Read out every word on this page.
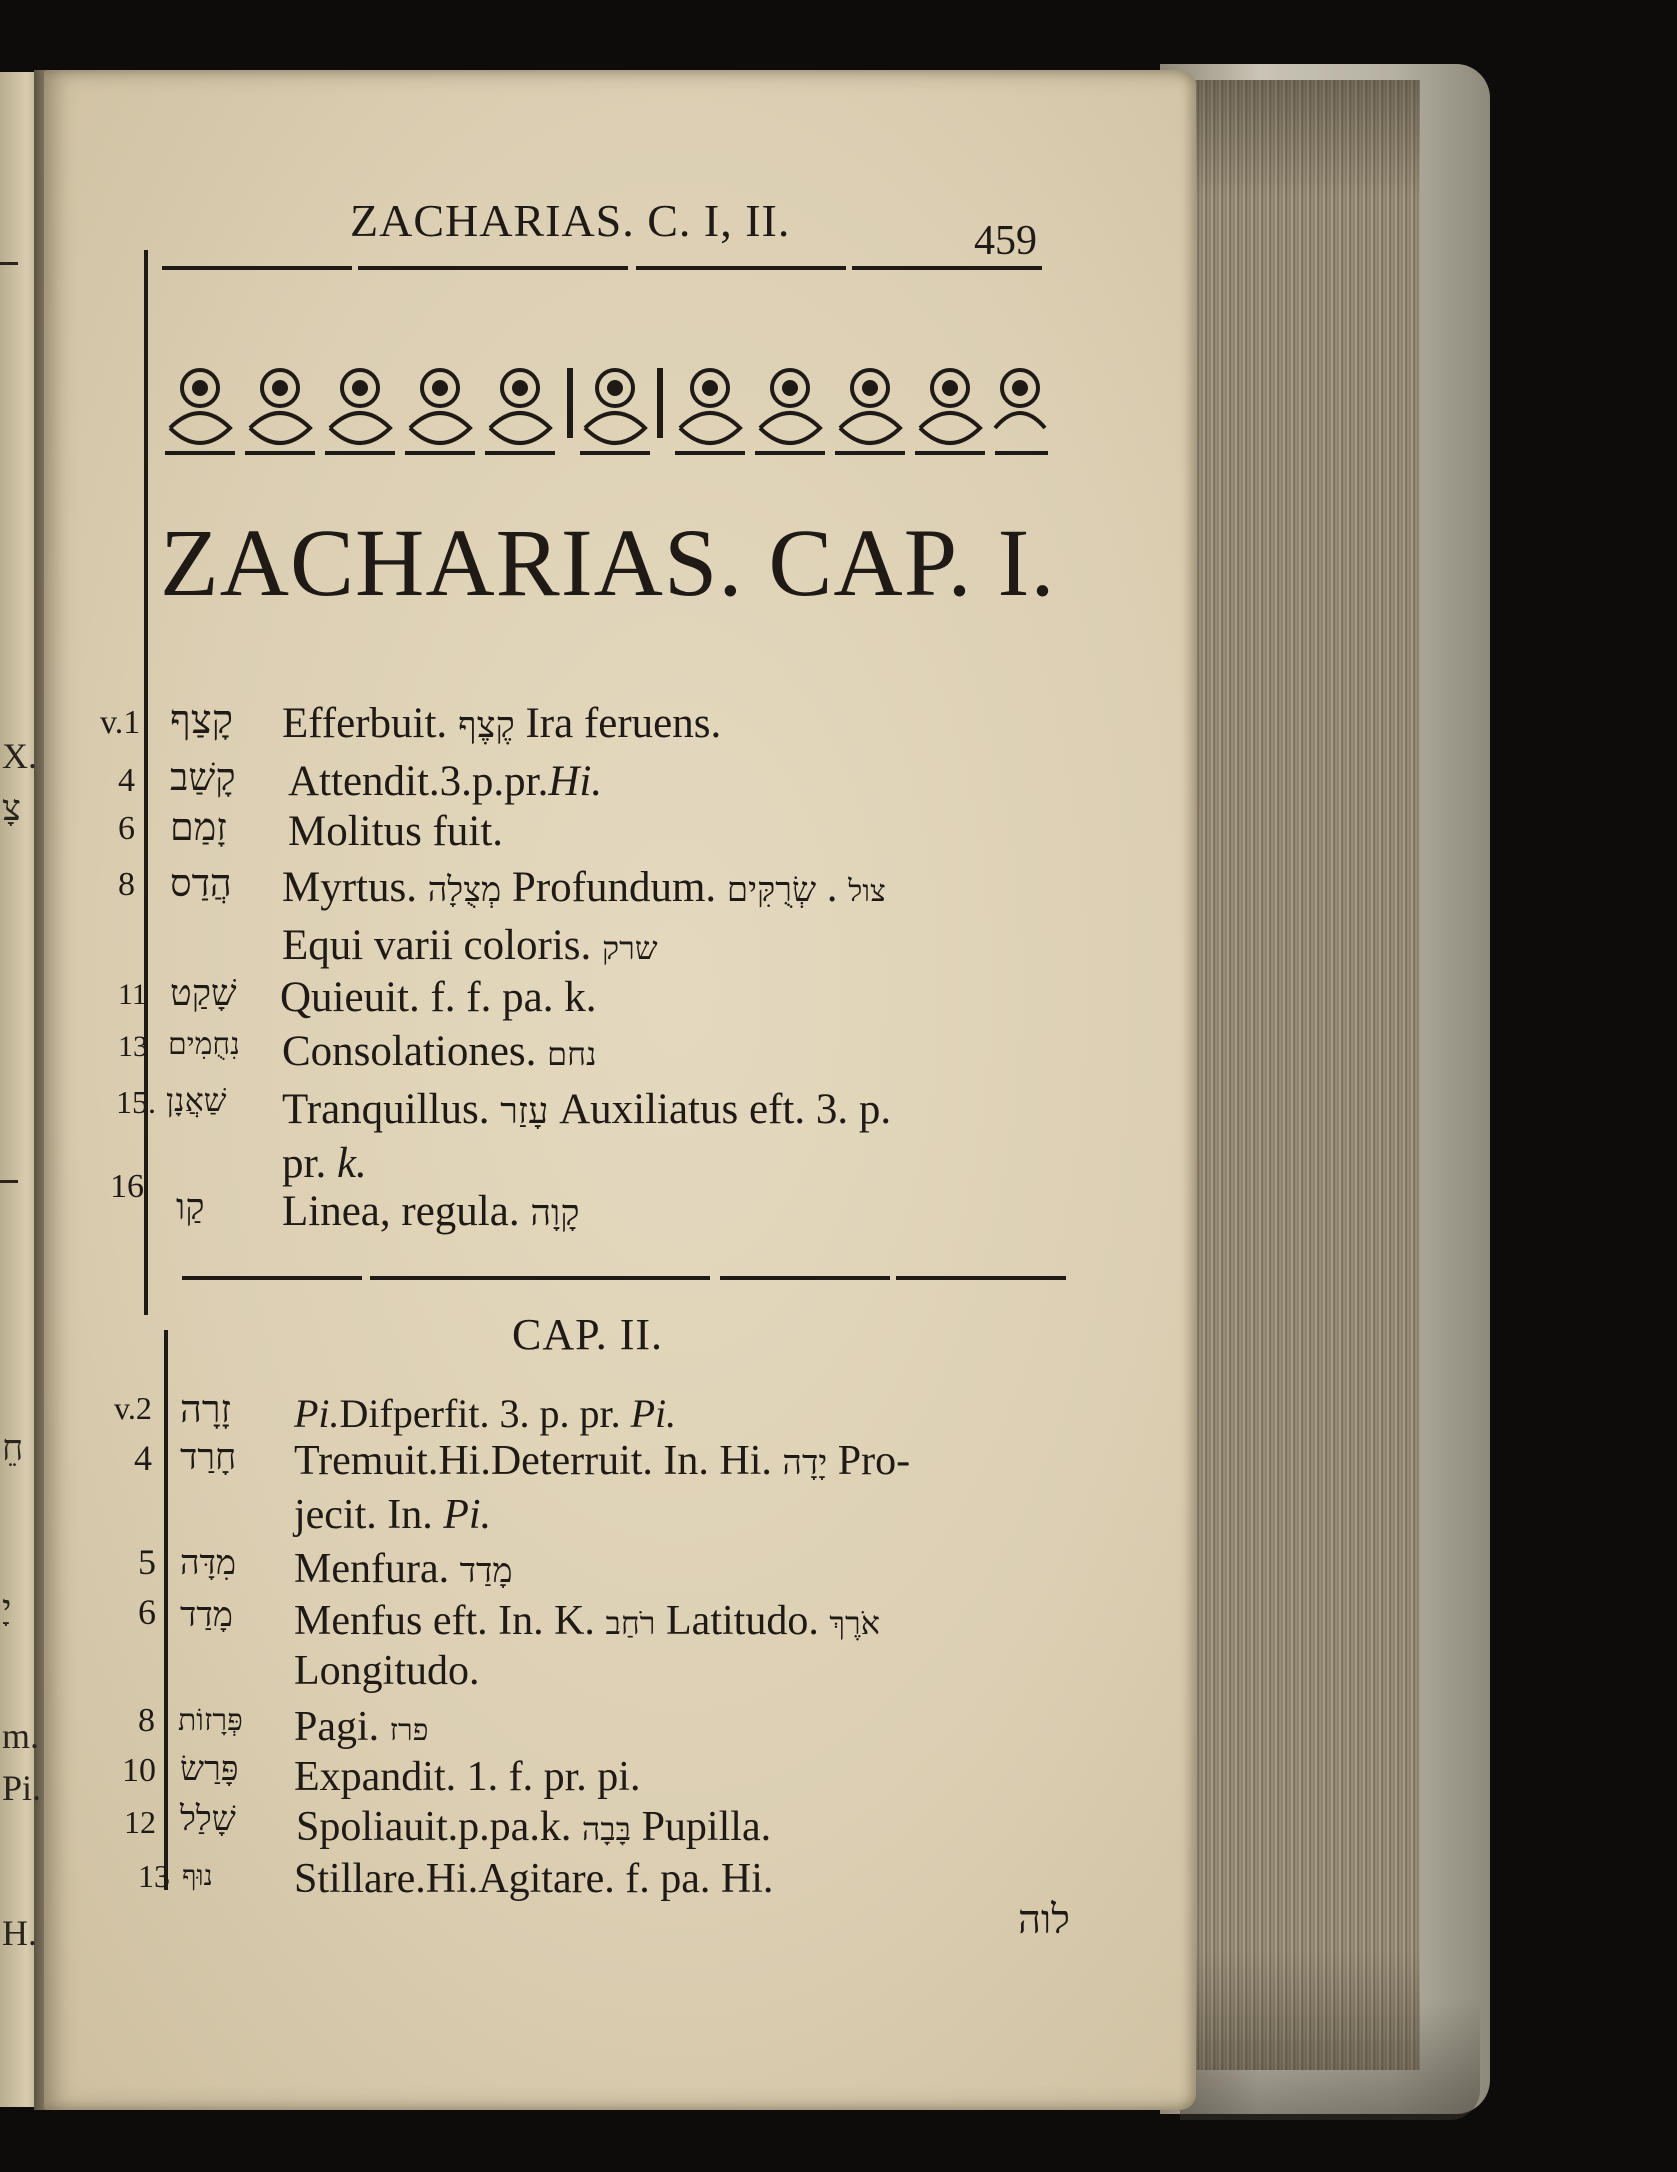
X.
צָ
חֵ
יָ
m.
Pi.
H.
ZACHARIAS. C. I, II.	459
ZACHARIAS. CAP. I.
v.1 קָצַף Efferbuit. קֶצֶף Ira feruens.
4 קָשַׁב Attendit.3.p.pr.Hi.
6 זָמַם Molitus fuit.
8 הֲדַס Myrtus. מְצֻלָה Profundum.	צול . שְׂרֻקִּים
Equi varii coloris. שרק
11 שָׁקַט Quieuit. f. f. pa. k.
13 נִחֻמִים Consolationes. נחם
15. שַׁאֲנָן Tranquillus. עָזַר Auxiliatus eft. 3. p.
pr. k.
16
קַו Linea, regula. קָוָה
CAP. II.
v.2 זָרָה Pi.Difperfit. 3. p. pr. Pi.
4 חָרַד Tremuit.Hi.Deterruit. In. Hi. יָדָה Pro-
jecit. In. Pi.
5 מִדָּה Menfura. מָדַד
6 מָדַד Menfus eft. In. K. רֹחַב Latitudo. אֹרֶךְ
Longitudo.
8 פְּרָזוֹת Pagi. פרז
10 פָּרַשׂ Expandit. 1. f. pr. pi.
12 שָׁלַל Spoliauit.p.pa.k. בָּבָה Pupilla.
13 נוּף Stillare.Hi.Agitare. f. pa. Hi.
לוה
